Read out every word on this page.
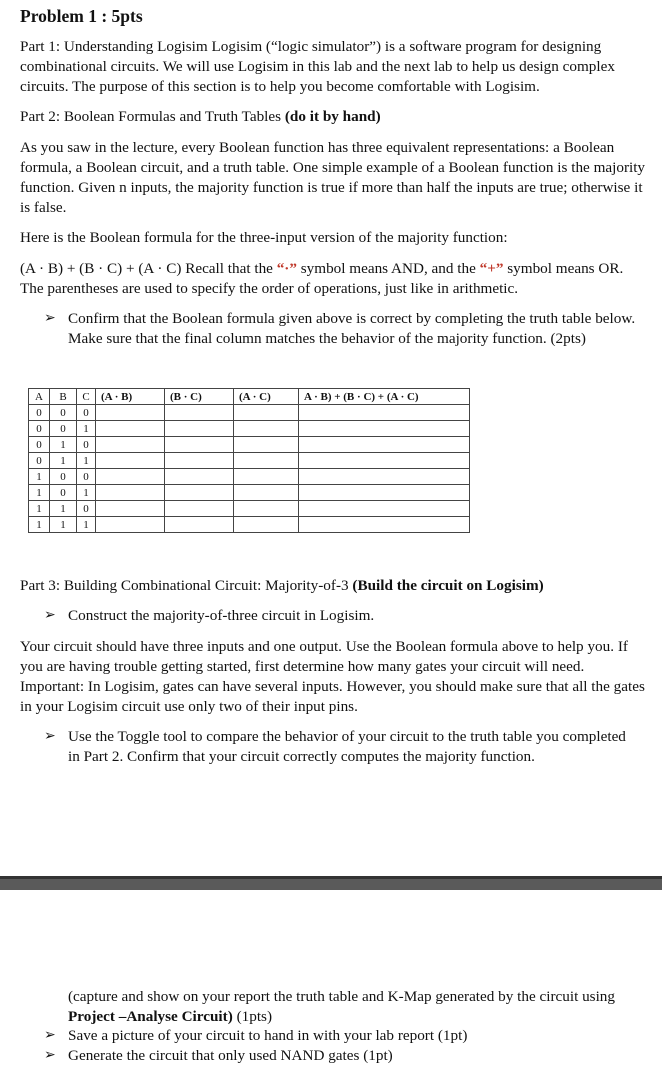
Problem 1 : 5pts

Part 1: Understanding Logisim Logisim (“logic simulator”) is a software program for designing combinational circuits. We will use Logisim in this lab and the next lab to help us design complex circuits. The purpose of this section is to help you become comfortable with Logisim.

Part 2: Boolean Formulas and Truth Tables (do it by hand)

As you saw in the lecture, every Boolean function has three equivalent representations: a Boolean formula, a Boolean circuit, and a truth table. One simple example of a Boolean function is the majority function. Given n inputs, the majority function is true if more than half the inputs are true; otherwise it is false.

Here is the Boolean formula for the three-input version of the majority function:

(A · B) + (B · C) + (A · C) Recall that the “·” symbol means AND, and the “+” symbol means OR. The parentheses are used to specify the order of operations, just like in arithmetic.

➢ Confirm that the Boolean formula given above is correct by completing the truth table below. Make sure that the final column matches the behavior of the majority function. (2pts)
A	B	C	(A · B)	(B · C)	(A · C)	A · B) + (B · C) + (A · C)
0	0	0				
0	0	1				
0	1	0				
0	1	1				
1	0	0				
1	0	1				
1	1	0				
1	1	1				

Part 3: Building Combinational Circuit: Majority-of-3 (Build the circuit on Logisim)

➢ Construct the majority-of-three circuit in Logisim.

Your circuit should have three inputs and one output. Use the Boolean formula above to help you. If you are having trouble getting started, first determine how many gates your circuit will need. Important: In Logisim, gates can have several inputs. However, you should make sure that all the gates in your Logisim circuit use only two of their input pins.

➢ Use the Toggle tool to compare the behavior of your circuit to the truth table you completed in Part 2. Confirm that your circuit correctly computes the majority function.
(capture and show on your report the truth table and K-Map generated by the circuit using Project –Analyse Circuit) (1pts)
➢ Save a picture of your circuit to hand in with your lab report (1pt)
➢ Generate the circuit that only used NAND gates (1pt)
